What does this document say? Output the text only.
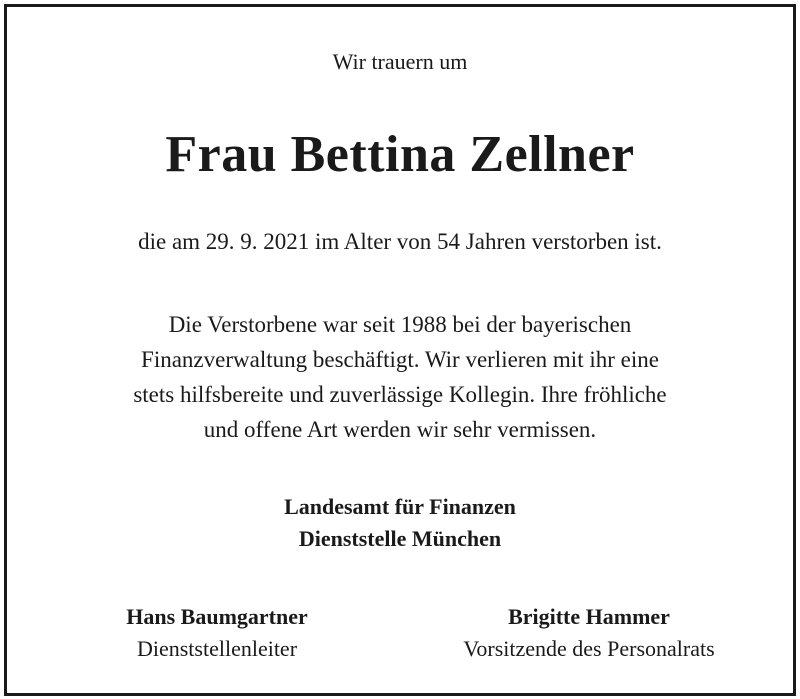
Wir trauern um
Frau Bettina Zellner
die am 29. 9. 2021 im Alter von 54 Jahren verstorben ist.
Die Verstorbene war seit 1988 bei der bayerischen
Finanzverwaltung beschäftigt. Wir verlieren mit ihr eine
stets hilfsbereite und zuverlässige Kollegin. Ihre fröhliche
und offene Art werden wir sehr vermissen.
Landesamt für Finanzen
Dienststelle München
Hans Baumgartner
Dienststellenleiter
Brigitte Hammer
Vorsitzende des Personalrats
